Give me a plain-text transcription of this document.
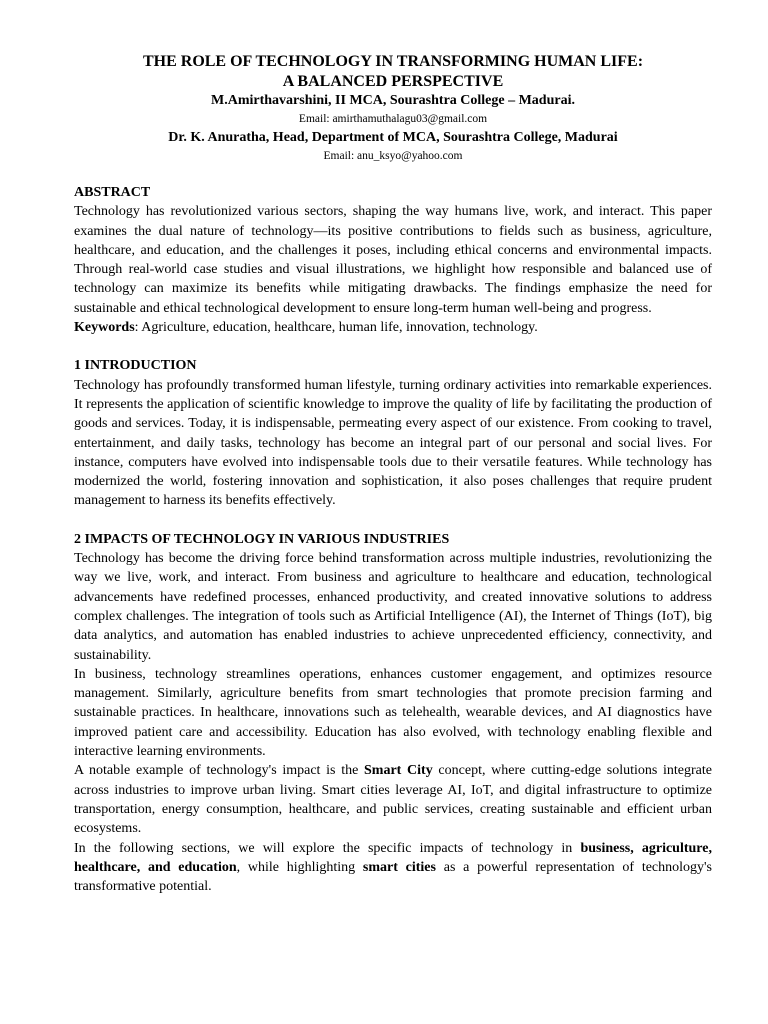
THE ROLE OF TECHNOLOGY IN TRANSFORMING HUMAN LIFE:
A BALANCED PERSPECTIVE
M.Amirthavarshini, II MCA, Sourashtra College – Madurai.
Email: amirthamuthalagu03@gmail.com
Dr. K. Anuratha, Head, Department of MCA, Sourashtra College, Madurai
Email: anu_ksyo@yahoo.com
ABSTRACT

Technology has revolutionized various sectors, shaping the way humans live, work, and interact. This paper examines the dual nature of technology—its positive contributions to fields such as business, agriculture, healthcare, and education, and the challenges it poses, including ethical concerns and environmental impacts. Through real-world case studies and visual illustrations, we highlight how responsible and balanced use of technology can maximize its benefits while mitigating drawbacks. The findings emphasize the need for sustainable and ethical technological development to ensure long-term human well-being and progress.

Keywords: Agriculture, education, healthcare, human life, innovation, technology.

1 INTRODUCTION

Technology has profoundly transformed human lifestyle, turning ordinary activities into remarkable experiences. It represents the application of scientific knowledge to improve the quality of life by facilitating the production of goods and services. Today, it is indispensable, permeating every aspect of our existence. From cooking to travel, entertainment, and daily tasks, technology has become an integral part of our personal and social lives. For instance, computers have evolved into indispensable tools due to their versatile features. While technology has modernized the world, fostering innovation and sophistication, it also poses challenges that require prudent management to harness its benefits effectively.

2 IMPACTS OF TECHNOLOGY IN VARIOUS INDUSTRIES

Technology has become the driving force behind transformation across multiple industries, revolutionizing the way we live, work, and interact. From business and agriculture to healthcare and education, technological advancements have redefined processes, enhanced productivity, and created innovative solutions to address complex challenges. The integration of tools such as Artificial Intelligence (AI), the Internet of Things (IoT), big data analytics, and automation has enabled industries to achieve unprecedented efficiency, connectivity, and sustainability.

In business, technology streamlines operations, enhances customer engagement, and optimizes resource management. Similarly, agriculture benefits from smart technologies that promote precision farming and sustainable practices. In healthcare, innovations such as telehealth, wearable devices, and AI diagnostics have improved patient care and accessibility. Education has also evolved, with technology enabling flexible and interactive learning environments.

A notable example of technology's impact is the Smart City concept, where cutting-edge solutions integrate across industries to improve urban living. Smart cities leverage AI, IoT, and digital infrastructure to optimize transportation, energy consumption, healthcare, and public services, creating sustainable and efficient urban ecosystems.

In the following sections, we will explore the specific impacts of technology in business, agriculture, healthcare, and education, while highlighting smart cities as a powerful representation of technology's transformative potential.
